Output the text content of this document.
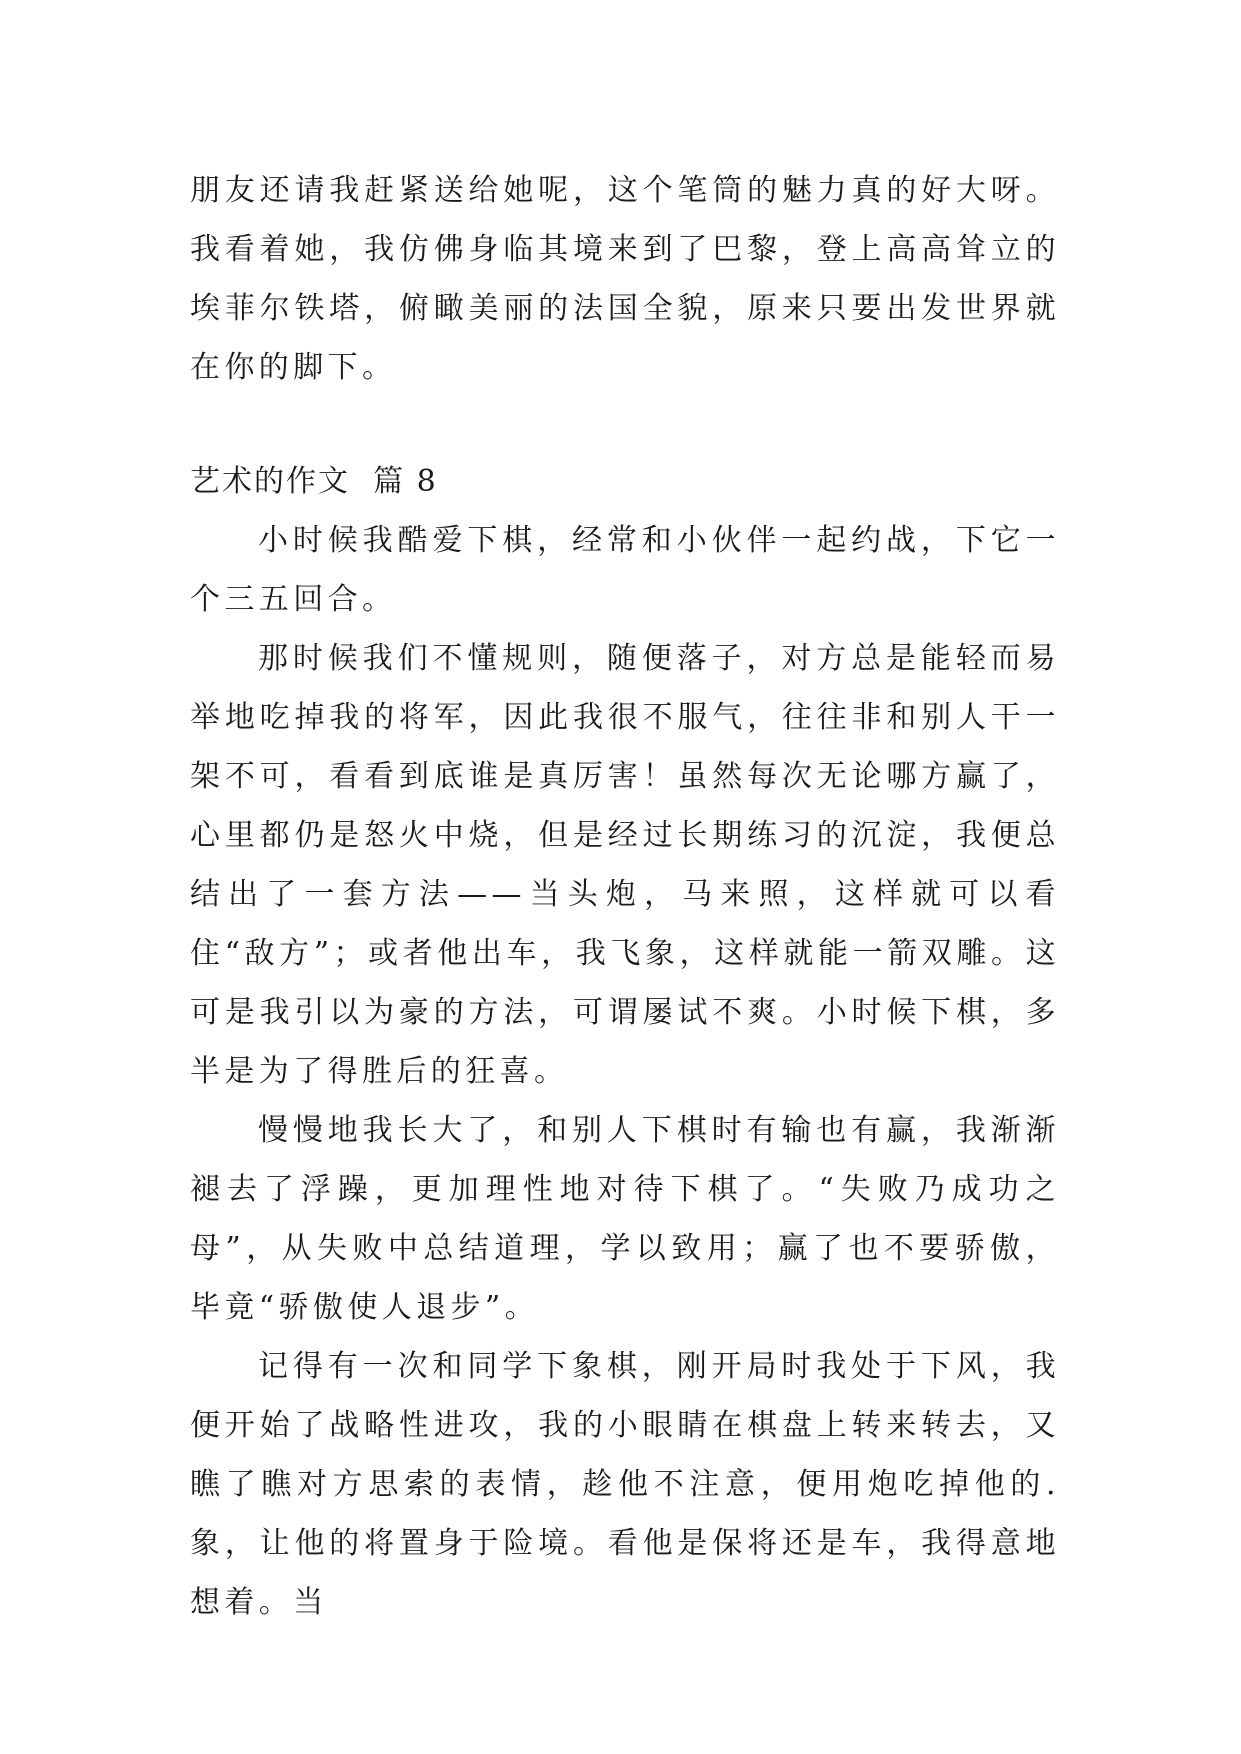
朋友还请我赶紧送给她呢，这个笔筒的魅力真的好大呀。我看着她，我仿佛身临其境来到了巴黎，登上高高耸立的埃菲尔铁塔，俯瞰美丽的法国全貌，原来只要出发世界就在你的脚下。

艺术的作文  篇 8

小时候我酷爱下棋，经常和小伙伴一起约战，下它一个三五回合。

那时候我们不懂规则，随便落子，对方总是能轻而易举地吃掉我的将军，因此我很不服气，往往非和别人干一架不可，看看到底谁是真厉害！虽然每次无论哪方赢了，心里都仍是怒火中烧，但是经过长期练习的沉淀，我便总结出了一套方法——当头炮，马来照，这样就可以看住“敌方”；或者他出车，我飞象，这样就能一箭双雕。这可是我引以为豪的方法，可谓屡试不爽。小时候下棋，多半是为了得胜后的狂喜。

慢慢地我长大了，和别人下棋时有输也有赢，我渐渐褪去了浮躁，更加理性地对待下棋了。“失败乃成功之母”，从失败中总结道理，学以致用；赢了也不要骄傲，毕竟“骄傲使人退步”。

记得有一次和同学下象棋，刚开局时我处于下风，我便开始了战略性进攻，我的小眼睛在棋盘上转来转去，又瞧了瞧对方思索的表情，趁他不注意，便用炮吃掉他的.象，让他的将置身于险境。看他是保将还是车，我得意地想着。当
